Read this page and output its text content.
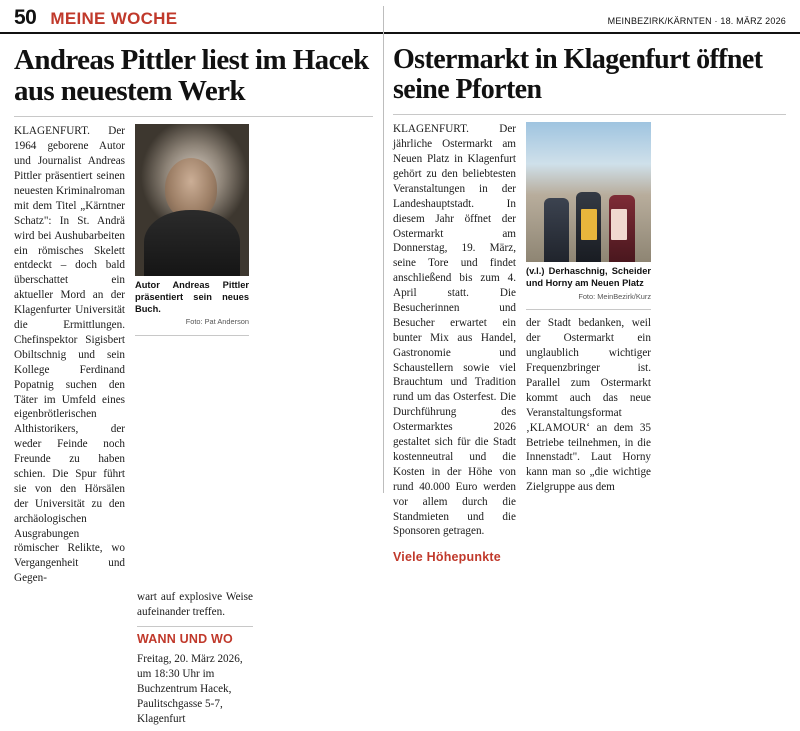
50 MEINE WOCHE	MEINBEZIRK/KÄRNTEN · 18. MÄRZ 2026
Andreas Pittler liest im Hacek aus neuestem Werk

KLAGENFURT. Der 1964 geborene Autor und Journalist Andreas Pittler präsentiert seinen neuesten Kriminalroman mit dem Titel „Kärntner Schatz": In St. Andrä wird bei Aushubarbeiten ein römisches Skelett entdeckt – doch bald überschattet ein aktueller Mord an der Klagenfurter Universität die Ermittlungen. Chefinspektor Sigisbert Obiltschnig und sein Kollege Ferdinand Popatnig suchen den Täter im Umfeld eines eigenbrötlerischen Althistorikers, der weder Feinde noch Freunde zu haben schien. Die Spur führt sie von den Hörsälen der Universität zu den archäologischen Ausgrabungen römischer Relikte, wo Vergangenheit und Gegen-

Autor Andreas Pittler präsentiert sein neues Buch.
Foto: Pat Anderson

wart auf explosive Weise aufeinander treffen.

WANN UND WO

Freitag, 20. März 2026, um 18:30 Uhr im Buchzentrum Hacek, Paulitschgasse 5-7, Klagenfurt

Ostermarkt in Klagenfurt öffnet seine Pforten

KLAGENFURT. Der jährliche Ostermarkt am Neuen Platz in Klagenfurt gehört zu den beliebtesten Veranstaltungen in der Landeshauptstadt. In diesem Jahr öffnet der Ostermarkt am Donnerstag, 19. März, seine Tore und findet anschließend bis zum 4. April statt. Die Besucherinnen und Besucher erwartet ein bunter Mix aus Handel, Gastronomie und Schaustellern sowie viel Brauchtum und Tradition rund um das Osterfest. Die Durchführung des Ostermarktes 2026 gestaltet sich für die Stadt kostenneutral und die Kosten in der Höhe von rund 40.000 Euro werden vor allem durch die Standmieten und die Sponsoren getragen.

Viele Höhepunkte
(v.l.) Derhaschnig, Scheider und Horny am Neuen Platz
Foto: MeinBezirk/Kurz

der Stadt bedanken, weil der Ostermarkt ein unglaublich wichtiger Frequenzbringer ist. Parallel zum Ostermarkt kommt auch das neue Veranstaltungsformat ‚KLAMOUR‘ an dem 35 Betriebe teilnehmen, in die Innenstadt". Laut Horny kann man so „die wichtige Zielgruppe aus dem
